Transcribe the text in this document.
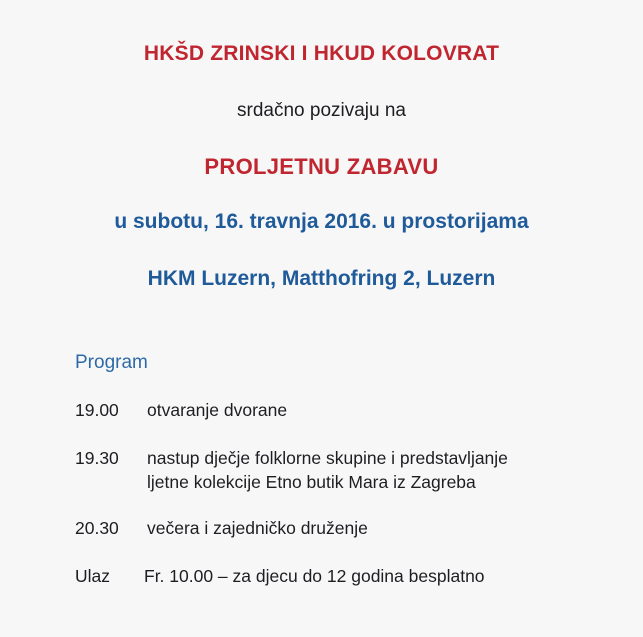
HKŠD ZRINSKI I HKUD KOLOVRAT
srdačno pozivaju na
PROLJETNU ZABAVU
u subotu, 16. travnja 2016. u prostorijama
HKM Luzern, Matthofring 2, Luzern
Program
19.00 otvaranje dvorane
19.30 nastup dječje folklorne skupine i predstavljanje
ljetne kolekcije Etno butik Mara iz Zagreba
20.30 večera i zajedničko druženje
Ulaz Fr. 10.00 – za djecu do 12 godina besplatno
